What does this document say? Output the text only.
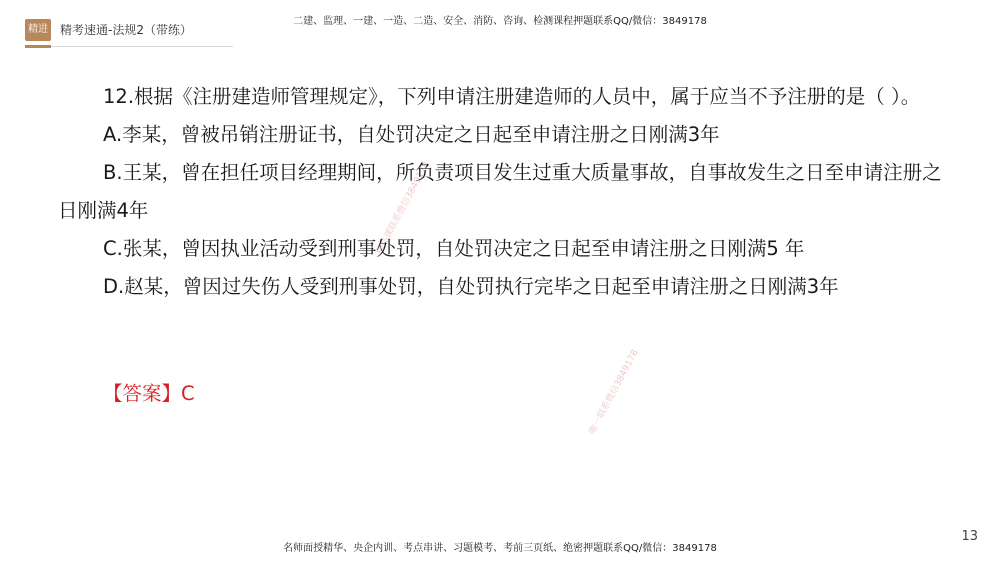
精进 精考速通-法规2（带练）
二建、监理、一建、一造、二造、安全、消防、咨询、检测课程押题联系QQ/微信：3849178
精品课联系微信3849178
唯一联系微信3849178

12.根据《注册建造师管理规定》，下列申请注册建造师的人员中，属于应当不予注册的是（ ）。

A.李某，曾被吊销注册证书，自处罚决定之日起至申请注册之日刚满3年

B.王某，曾在担任项目经理期间，所负责项目发生过重大质量事故，自事故发生之日至申请注册之日刚满4年

C.张某，曾因执业活动受到刑事处罚，自处罚决定之日起至申请注册之日刚满5 年

D.赵某，曾因过失伤人受到刑事处罚，自处罚执行完毕之日起至申请注册之日刚满3年

【答案】C
名师面授精华、央企内训、考点串讲、习题模考、考前三页纸、绝密押题联系QQ/微信：3849178
13
